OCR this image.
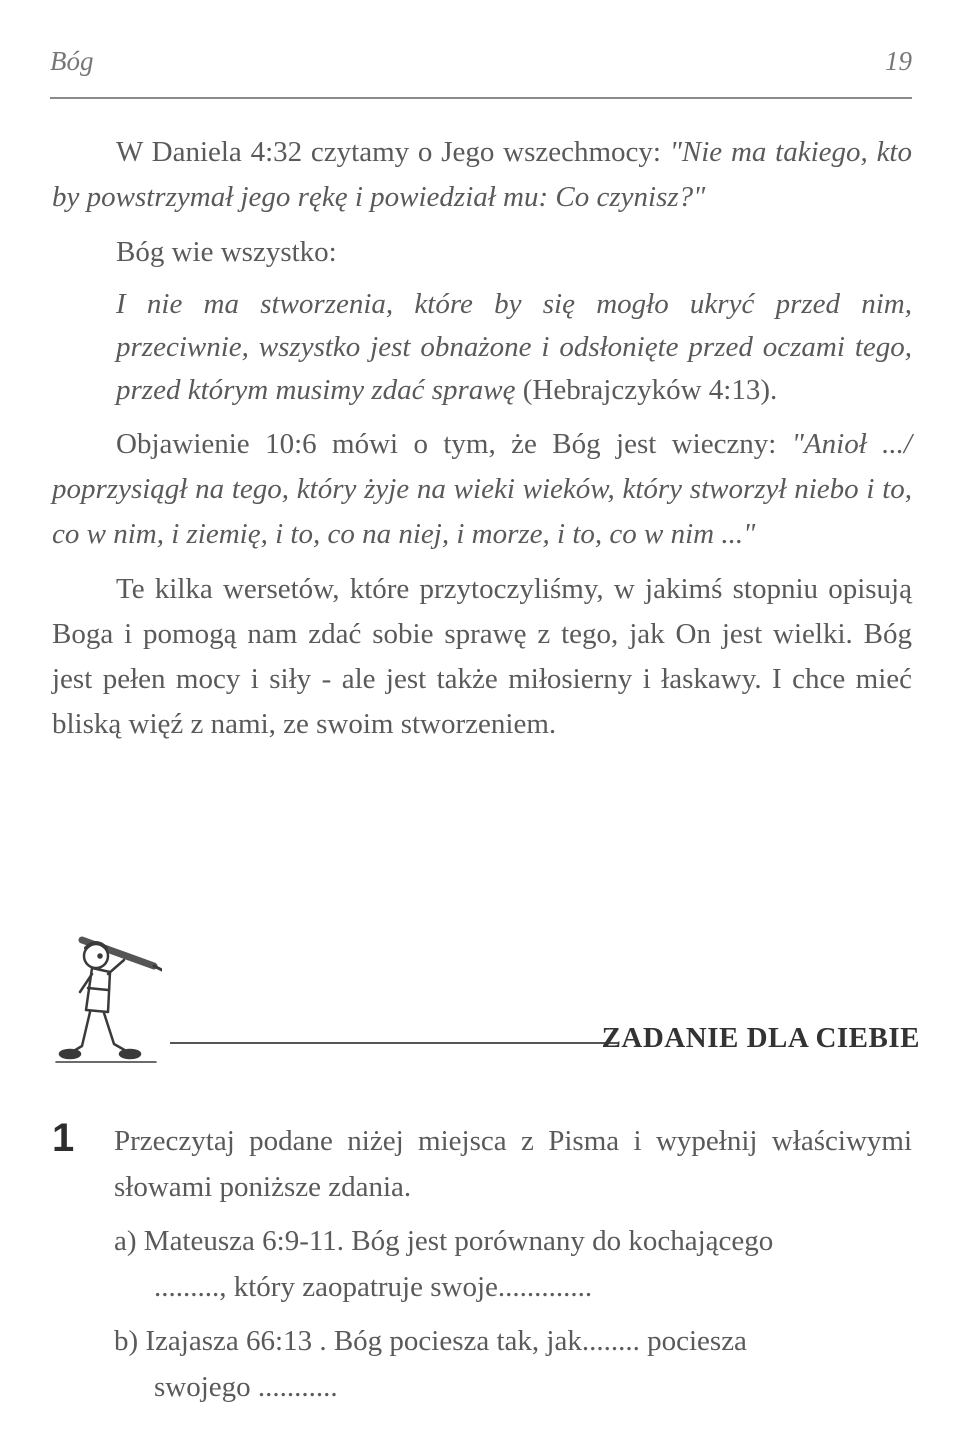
Bóg	19

W Daniela 4:32 czytamy o Jego wszechmocy: "Nie ma takiego, kto by powstrzymał jego rękę i powiedział mu: Co czynisz?"

Bóg wie wszystko:

I nie ma stworzenia, które by się mogło ukryć przed nim, przeciwnie, wszystko jest obnażone i odsłonięte przed oczami tego, przed którym musimy zdać sprawę (Hebrajczyków 4:13).

Objawienie 10:6 mówi o tym, że Bóg jest wieczny: "Anioł .../ poprzysiągł na tego, który żyje na wieki wieków, który stworzył niebo i to, co w nim, i ziemię, i to, co na niej, i morze, i to, co w nim ..."

Te kilka wersetów, które przytoczyliśmy, w jakimś stopniu opisują Boga i pomogą nam zdać sobie sprawę z tego, jak On jest wielki. Bóg jest pełen mocy i siły - ale jest także miłosierny i łaskawy. I chce mieć bliską więź z nami, ze swoim stworzeniem.

ZADANIE DLA CIEBIE
1 Przeczytaj podane niżej miejsca z Pisma i wypełnij właściwymi słowami poniższe zdania.
a) Mateusza 6:9-11. Bóg jest porównany do kochającego
........., który zaopatruje swoje.............
b) Izajasza 66:13 . Bóg pociesza tak, jak........ pociesza
swojego ...........
